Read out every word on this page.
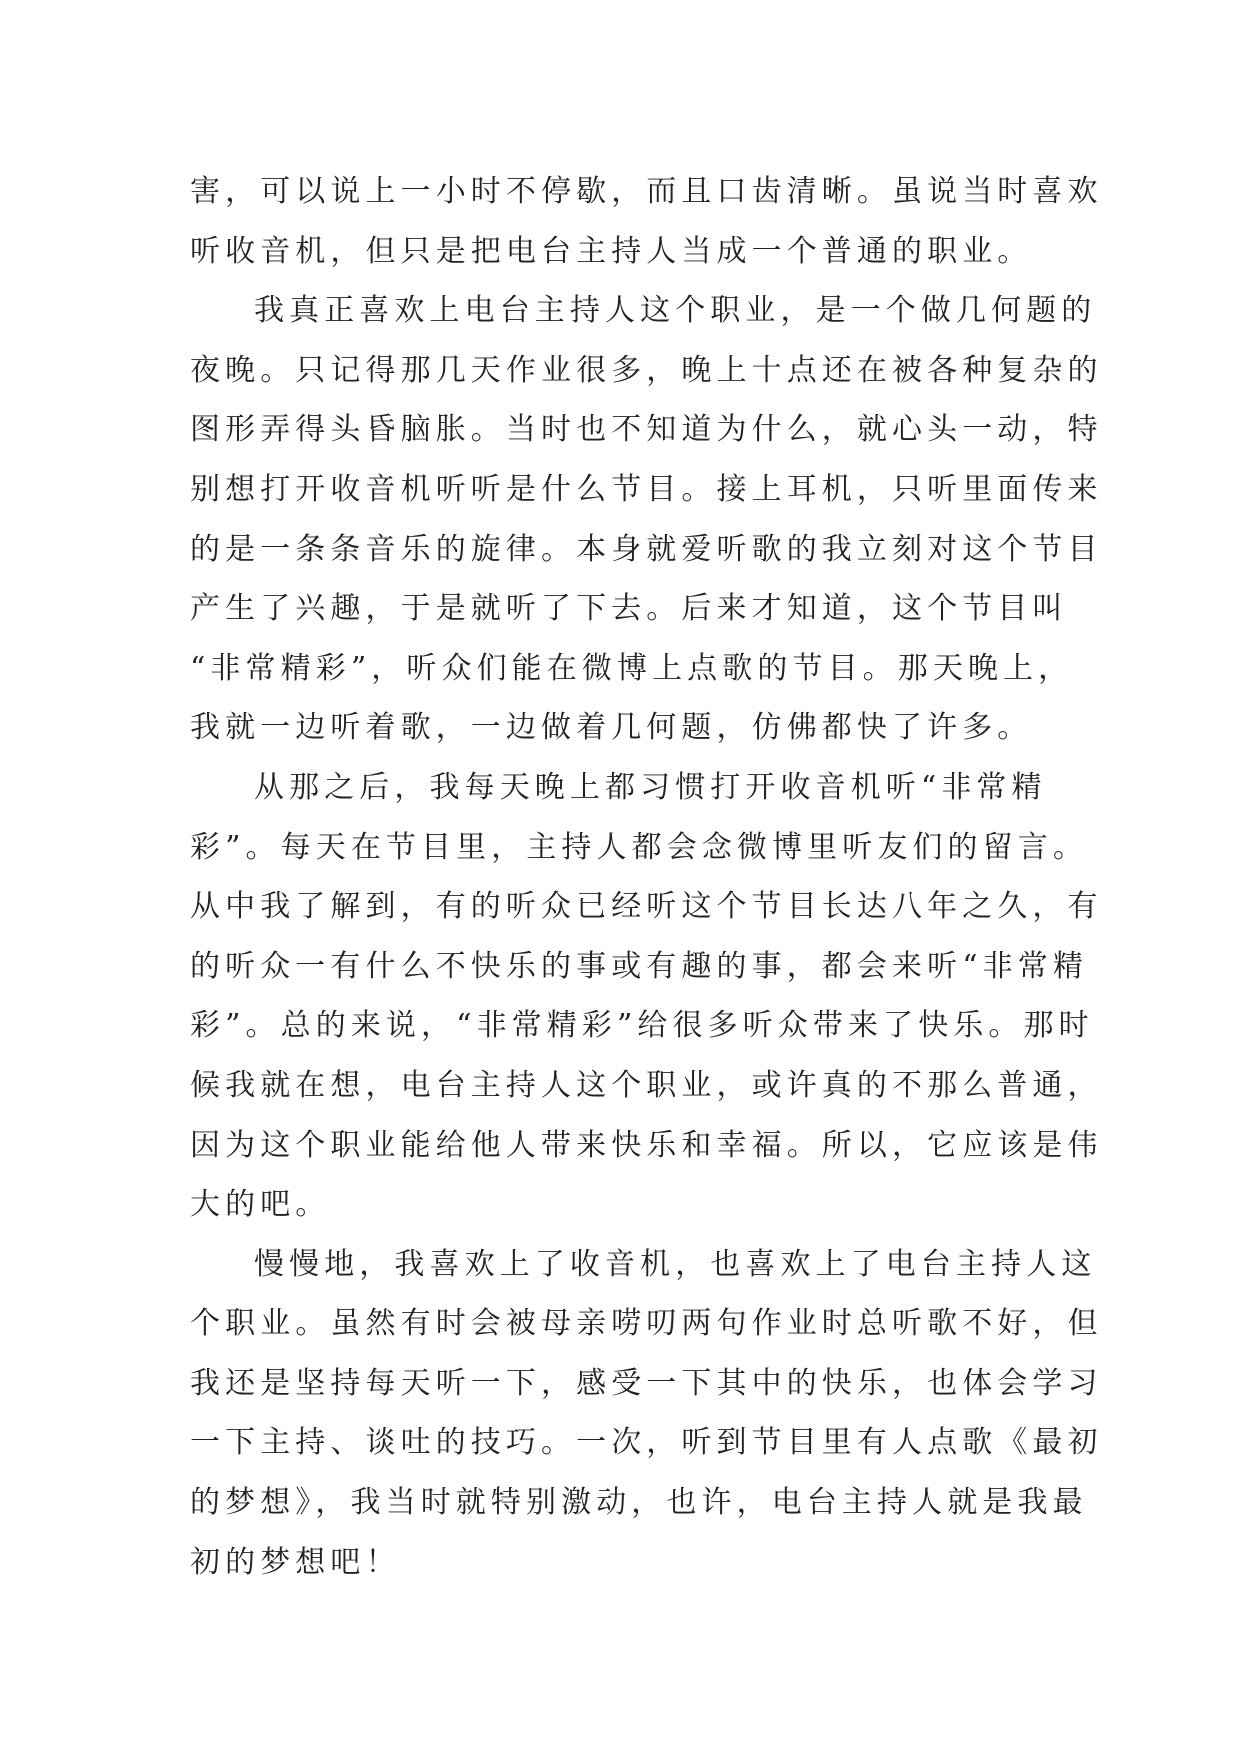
害，可以说上一小时不停歇，而且口齿清晰。虽说当时喜欢
听收音机，但只是把电台主持人当成一个普通的职业。
我真正喜欢上电台主持人这个职业，是一个做几何题的
夜晚。只记得那几天作业很多，晚上十点还在被各种复杂的
图形弄得头昏脑胀。当时也不知道为什么，就心头一动，特
别想打开收音机听听是什么节目。接上耳机，只听里面传来
的是一条条音乐的旋律。本身就爱听歌的我立刻对这个节目
产生了兴趣，于是就听了下去。后来才知道，这个节目叫
“非常精彩”，听众们能在微博上点歌的节目。那天晚上，
我就一边听着歌，一边做着几何题，仿佛都快了许多。
从那之后，我每天晚上都习惯打开收音机听“非常精
彩”。每天在节目里，主持人都会念微博里听友们的留言。
从中我了解到，有的听众已经听这个节目长达八年之久，有
的听众一有什么不快乐的事或有趣的事，都会来听“非常精
彩”。总的来说，“非常精彩”给很多听众带来了快乐。那时
候我就在想，电台主持人这个职业，或许真的不那么普通，
因为这个职业能给他人带来快乐和幸福。所以，它应该是伟
大的吧。
慢慢地，我喜欢上了收音机，也喜欢上了电台主持人这
个职业。虽然有时会被母亲唠叨两句作业时总听歌不好，但
我还是坚持每天听一下，感受一下其中的快乐，也体会学习
一下主持、谈吐的技巧。一次，听到节目里有人点歌《最初
的梦想》，我当时就特别激动，也许，电台主持人就是我最
初的梦想吧！
